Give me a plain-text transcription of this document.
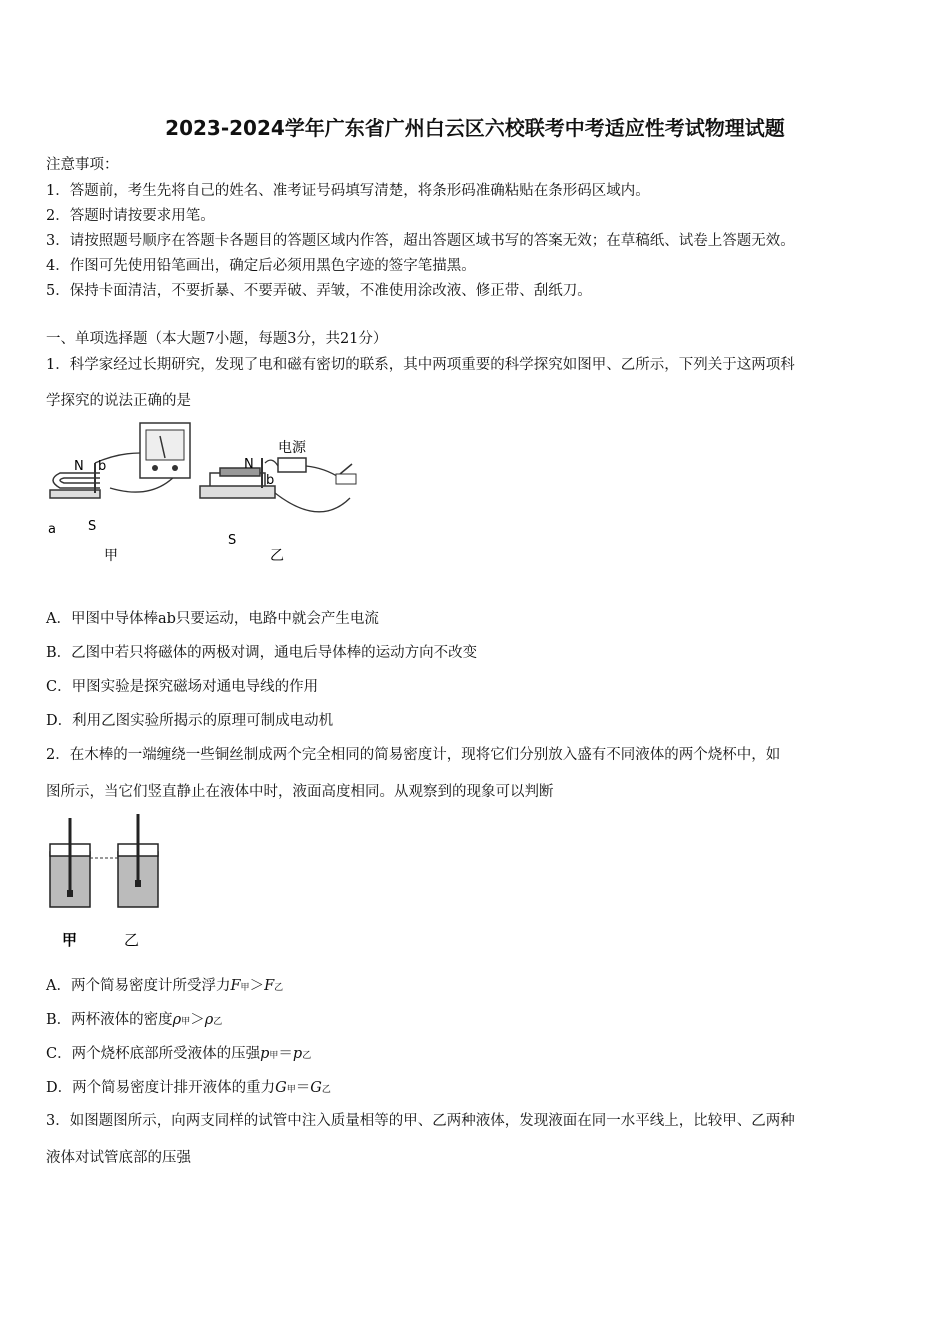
2023-2024学年广东省广州白云区六校联考中考适应性考试物理试题
注意事项：
1．答题前，考生先将自己的姓名、准考证号码填写清楚，将条形码准确粘贴在条形码区域内。
2．答题时请按要求用笔。
3．请按照题号顺序在答题卡各题目的答题区域内作答，超出答题区域书写的答案无效；在草稿纸、试卷上答题无效。
4．作图可先使用铅笔画出，确定后必须用黑色字迹的签字笔描黑。
5．保持卡面清洁，不要折暴、不要弄破、弄皱，不准使用涂改液、修正带、刮纸刀。
一、单项选择题（本大题7小题，每题3分，共21分）
1．科学家经过长期研究，发现了电和磁有密切的联系，其中两项重要的科学探究如图甲、乙所示，下列关于这两项科
学探究的说法正确的是
N b
a S
甲
电源
N
b
S
乙
A．甲图中导体棒ab只要运动，电路中就会产生电流
B．乙图中若只将磁体的两极对调，通电后导体棒的运动方向不改变
C．甲图实验是探究磁场对通电导线的作用
D．利用乙图实验所揭示的原理可制成电动机
2．在木棒的一端缠绕一些铜丝制成两个完全相同的简易密度计，现将它们分别放入盛有不同液体的两个烧杯中，如
图所示，当它们竖直静止在液体中时，液面高度相同。从观察到的现象可以判断
甲	乙
A．两个简易密度计所受浮力F甲＞F乙
B．两杯液体的密度ρ甲＞ρ乙
C．两个烧杯底部所受液体的压强p甲＝p乙
D．两个简易密度计排开液体的重力G甲＝G乙
3．如图题图所示，向两支同样的试管中注入质量相等的甲、乙两种液体，发现液面在同一水平线上，比较甲、乙两种
液体对试管底部的压强
